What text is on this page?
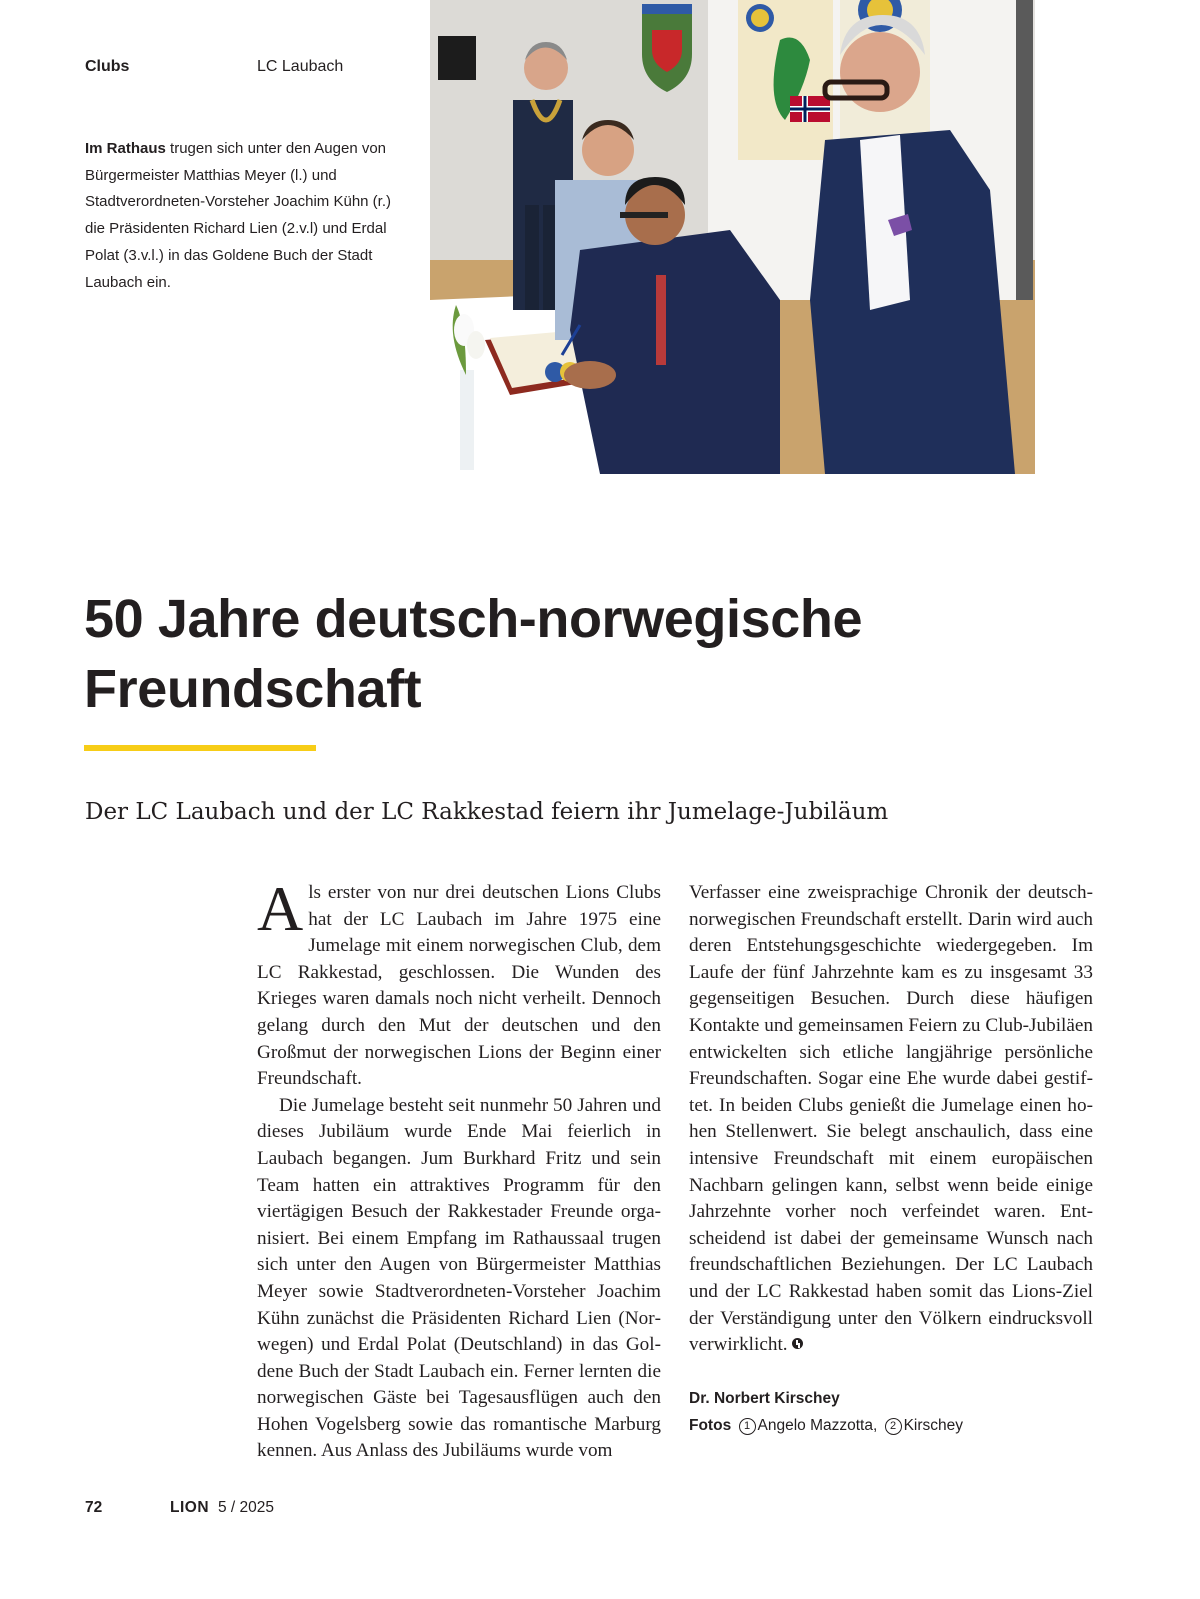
Clubs	LC Laubach
Im Rathaus trugen sich unter den Augen von Bürgermeister Matthias Meyer (l.) und Stadtverordneten-Vorsteher Joachim Kühn (r.) die Präsidenten Richard Lien (2.v.l) und Erdal Polat (3.v.l.) in das Goldene Buch der Stadt Laubach ein.
50 Jahre deutsch-norwegische
Freundschaft
Der LC Laubach und der LC Rakkestad feiern ihr Jumelage-Jubiläum

A ls erster von nur drei deutschen Lions Clubs hat der LC Laubach im Jahre 1975 eine Jumelage mit einem norwegischen Club, dem LC Rakkestad, geschlossen. Die Wunden des Krieges waren damals noch nicht verheilt. Dennoch gelang durch den Mut der deutschen und den Großmut der norwegischen Lions der Beginn einer Freundschaft.

Die Jumelage besteht seit nunmehr 50 Jahren und dieses Jubiläum wurde Ende Mai feierlich in Laubach begangen. Jum Burkhard Fritz und sein Team hatten ein attraktives Programm für den viertägigen Besuch der Rakkestader Freunde organisiert. Bei einem Empfang im Rathaussaal trugen sich unter den Augen von Bürgermeister Matthias Meyer sowie Stadtverordneten-Vorsteher Joachim Kühn zunächst die Präsidenten Richard Lien (Norwegen) und Erdal Polat (Deutschland) in das Goldene Buch der Stadt Laubach ein. Ferner lernten die norwegischen Gäste bei Tagesausflügen auch den Hohen Vogelsberg sowie das romantische Marburg kennen. Aus Anlass des Jubiläums wurde vom

Verfasser eine zweisprachige Chronik der deutsch-norwegischen Freundschaft erstellt. Darin wird auch deren Entstehungsgeschichte wiedergegeben. Im Laufe der fünf Jahrzehnte kam es zu insgesamt 33 gegenseitigen Besuchen. Durch diese häufigen Kontakte und gemeinsamen Feiern zu Club-Jubiläen entwickelten sich etliche langjährige persönliche Freundschaften. Sogar eine Ehe wurde dabei gestiftet. In beiden Clubs genießt die Jumelage einen hohen Stellenwert. Sie belegt anschaulich, dass eine intensive Freundschaft mit einem europäischen Nachbarn gelingen kann, selbst wenn beide einige Jahrzehnte vorher noch verfeindet waren. Entscheidend ist dabei der gemeinsame Wunsch nach freundschaftlichen Beziehungen. Der LC Laubach und der LC Rakkestad haben somit das Lions-Ziel der Verständigung unter den Völkern eindrucksvoll verwirklicht.

Dr. Norbert Kirschey
Fotos 1 Angelo Mazzotta, 2 Kirschey
72	LION 5 / 2025
